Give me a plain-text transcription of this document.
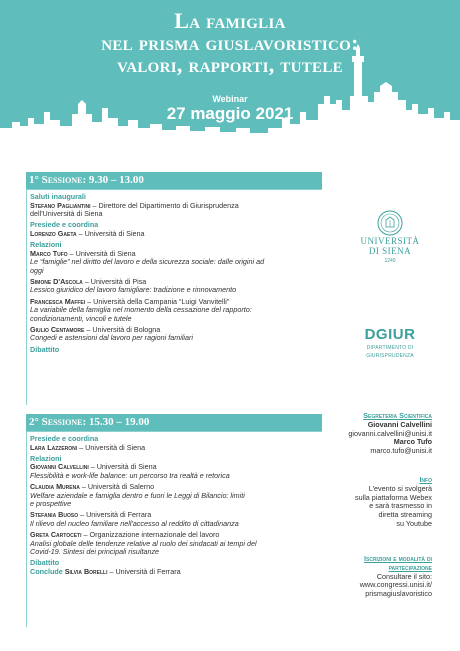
La famiglia
nel prisma giuslavoristico:
valori, rapporti, tutele
Webinar
27 maggio 2021
1° Sessione: 9.30 – 13.00
Saluti inaugurali
Stefano Pagliantini – Direttore del Dipartimento di Giurisprudenza
dell'Università di Siena
Presiede e coordina
Lorenzo Gaeta – Università di Siena
Relazioni
Marco Tufo – Università di Siena
Le “famiglie” nel diritto del lavoro e della sicurezza sociale: dalle origini ad
oggi
Simone D'Ascola – Università di Pisa
Lessico giuridico del lavoro famigliare: tradizione e rinnovamento
Francesca Maffei – Università della Campania “Luigi Vanvitelli”
La variabile della famiglia nel momento della cessazione del rapporto:
condizionamenti, vincoli e tutele
Giulio Centamore – Università di Bologna
Congedi e astensioni dal lavoro per ragioni familiari
Dibattito
2° Sessione: 15.30 – 19.00
Presiede e coordina
Lara Lazzeroni – Università di Siena
Relazioni
Giovanni Calvellini – Università di Siena
Flessibilità e work-life balance: un percorso tra realtà e retorica
Claudia Murena – Università di Salerno
Welfare aziendale e famiglia dentro e fuori le Leggi di Bilancio: limiti
e prospettive
Stefania Buoso – Università di Ferrara
Il rilievo del nucleo familiare nell'accesso al reddito di cittadinanza
Greta Cartoceti – Organizzazione internazionale del lavoro
Analisi globale delle tendenze relative al ruolo dei sindacati ai tempi del
Covid-19. Sintesi dei principali risultanze
Dibattito
Conclude Silvia Borelli – Università di Ferrara
UNIVERSITÀ
DI SIENA
1240
DGIUR
DIPARTIMENTO DI
GIURISPRUDENZA
Segreteria Scientifica
Giovanni Calvellini
giovanni.calvellini@unisi.it
Marco Tufo
marco.tufo@unisi.it
Info
L'evento si svolgerà
sulla piattaforma Webex
e sarà trasmesso in
diretta streaming
su Youtube
Iscrizioni e modalità di
partecipazione
Consultare il sito:
www.congressi.unisi.it/
prismagiuslavoristico
